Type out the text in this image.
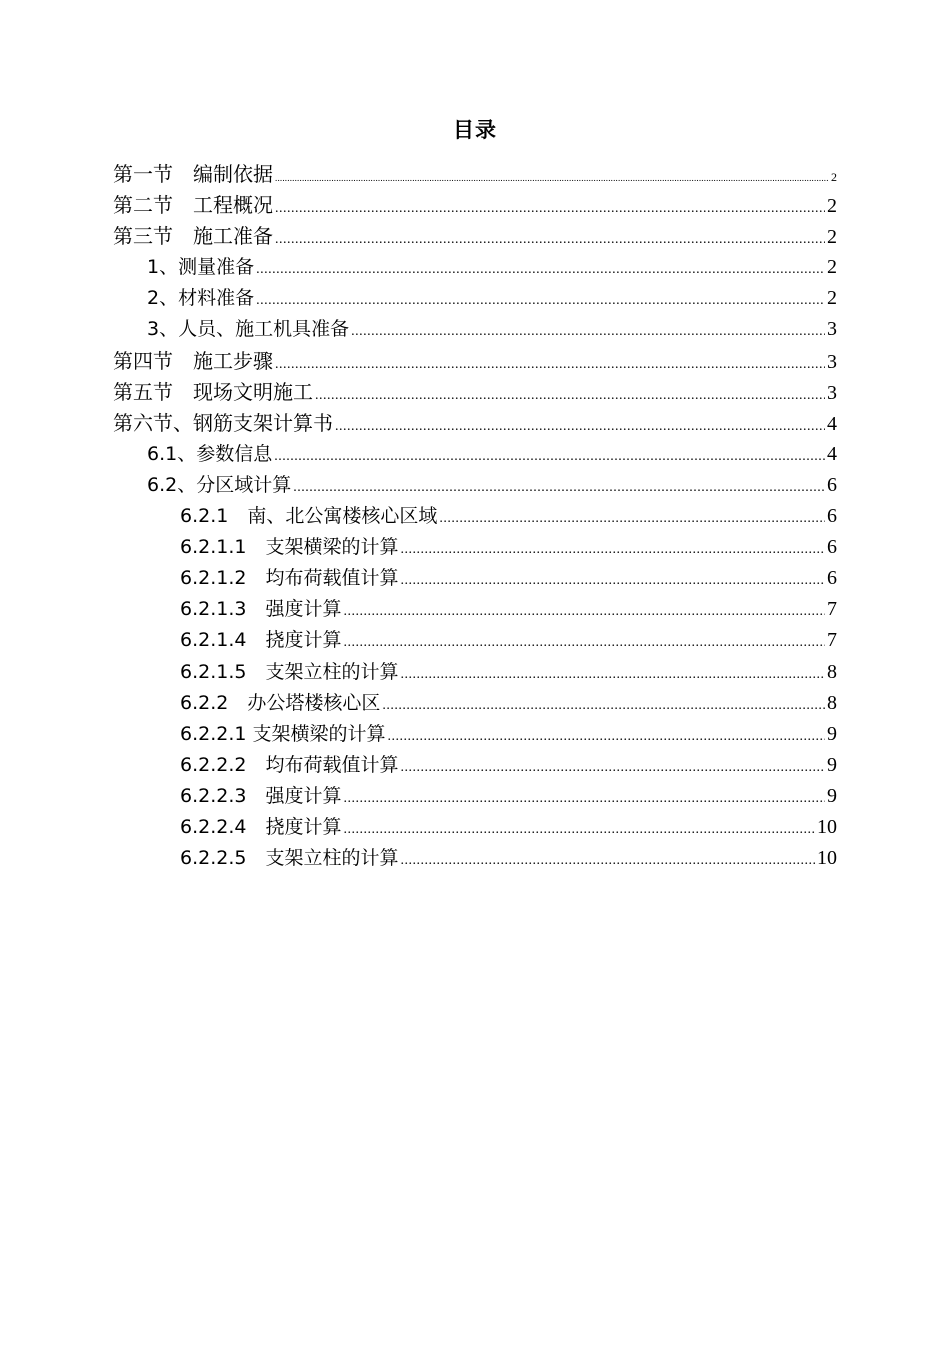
目录
第一节　编制依据 .....	2
第二节　工程概况 .....	2
第三节　施工准备 .....	2
1、测量准备 .....	2
2、材料准备 .....	2
3、人员、施工机具准备 .....	3
第四节　施工步骤 .....	3
第五节　现场文明施工 .....	3
第六节、钢筋支架计算书 .....	4
6.1、参数信息 .....	4
6.2、分区域计算 .....	6
6.2.1　南、北公寓楼核心区域 .....	6
6.2.1.1　支架横梁的计算 .....	6
6.2.1.2　均布荷载值计算 .....	6
6.2.1.3　强度计算 .....	7
6.2.1.4　挠度计算 .....	7
6.2.1.5　支架立柱的计算 .....	8
6.2.2　办公塔楼核心区 .....	8
6.2.2.1 支架横梁的计算 .....	9
6.2.2.2　均布荷载值计算 .....	9
6.2.2.3　强度计算 .....	9
6.2.2.4　挠度计算 .....	10
6.2.2.5　支架立柱的计算 .....	10
